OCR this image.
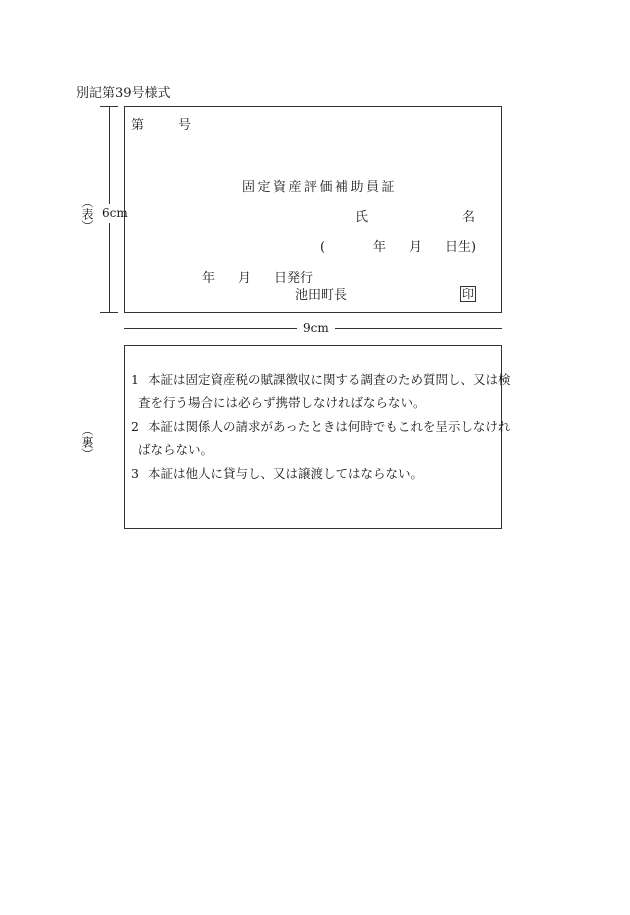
別記第39号様式
6cm
（表）
（裏）
第	号
固定資産評価補助員証
氏	名
(	年 月 日生)
年 月 日発行
池田町長	印
9cm
1 本証は固定資産税の賦課徴収に関する調査のため質問し、又は検
査を行う場合には必らず携帯しなければならない。
2 本証は関係人の請求があったときは何時でもこれを呈示しなけれ
ばならない。
3 本証は他人に貸与し、又は譲渡してはならない。
